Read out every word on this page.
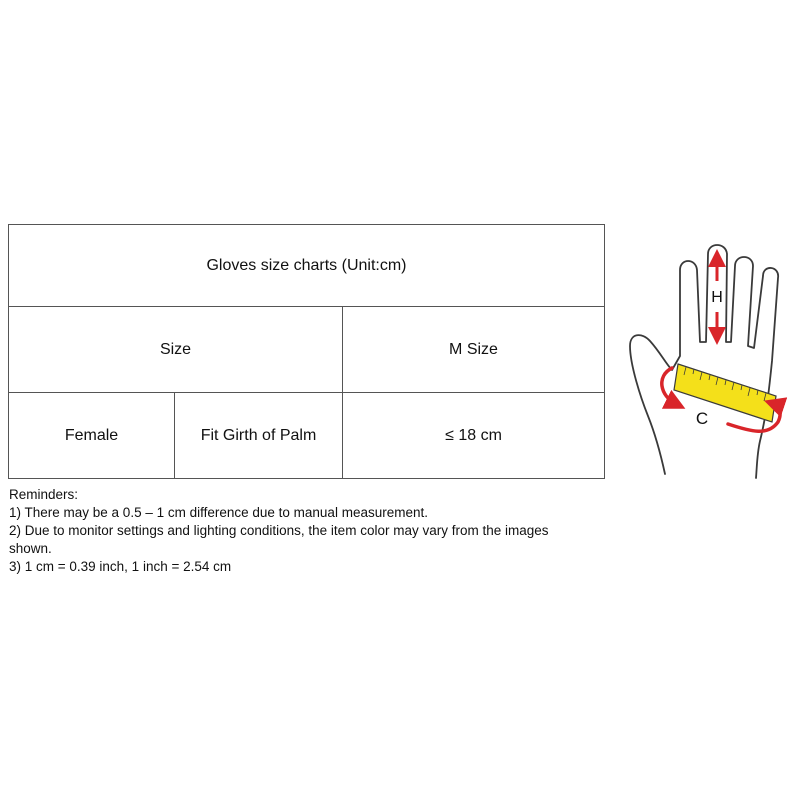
Gloves size charts (Unit:cm)		
Size		M Size
Female	Fit Girth of Palm	≤ 18 cm
Reminders:
1) There may be a 0.5 – 1 cm difference due to manual measurement.
2) Due to monitor settings and lighting conditions, the item color may vary from the images shown.
3) 1 cm = 0.39 inch, 1 inch = 2.54 cm
H
C
